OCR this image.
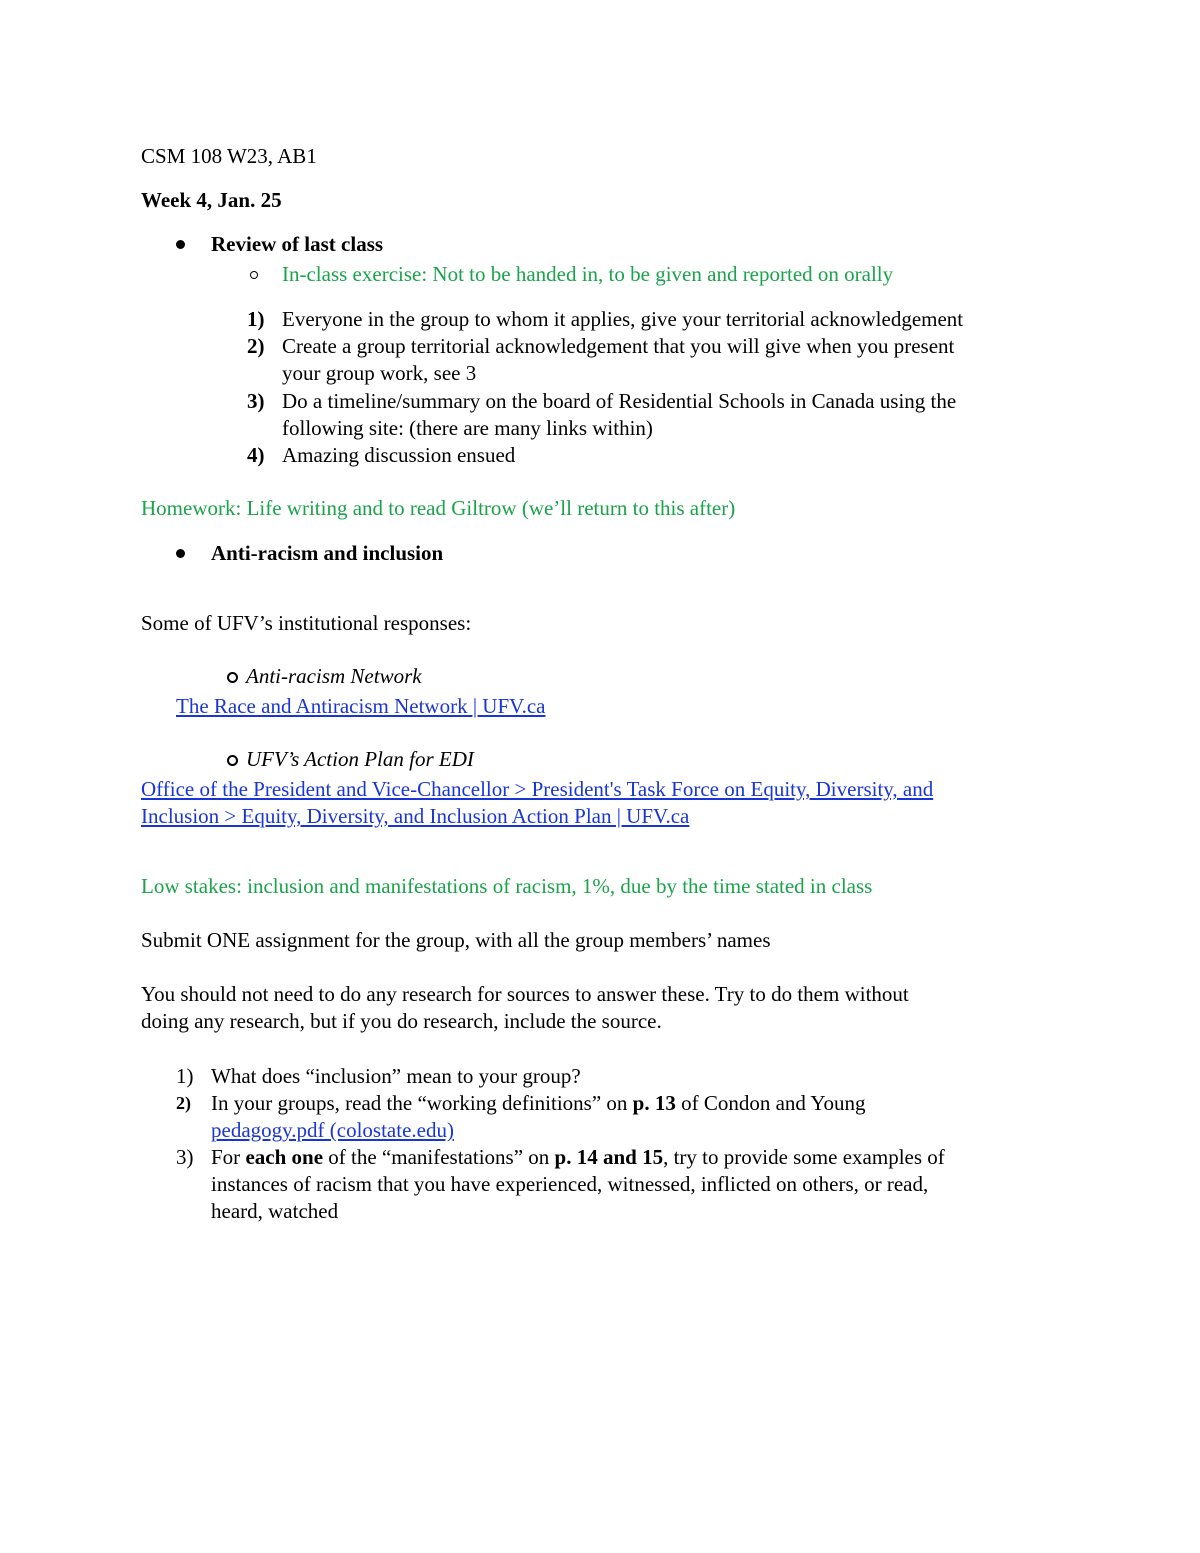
CSM 108 W23, AB1
Week 4, Jan. 25
Review of last class
In-class exercise: Not to be handed in, to be given and reported on orally
1) Everyone in the group to whom it applies, give your territorial acknowledgement
2) Create a group territorial acknowledgement that you will give when you present
your group work, see 3
3) Do a timeline/summary on the board of Residential Schools in Canada using the
following site: (there are many links within)
4) Amazing discussion ensued
Homework: Life writing and to read Giltrow (we’ll return to this after)
Anti-racism and inclusion
Some of UFV’s institutional responses:
Anti-racism Network
The Race and Antiracism Network | UFV.ca
UFV’s Action Plan for EDI
Office of the President and Vice-Chancellor > President's Task Force on Equity, Diversity, and
Inclusion > Equity, Diversity, and Inclusion Action Plan | UFV.ca
Low stakes: inclusion and manifestations of racism, 1%, due by the time stated in class
Submit ONE assignment for the group, with all the group members’ names
You should not need to do any research for sources to answer these. Try to do them without
doing any research, but if you do research, include the source.
1) What does “inclusion” mean to your group?
2) In your groups, read the “working definitions” on p. 13 of Condon and Young
pedagogy.pdf (colostate.edu)
3) For each one of the “manifestations” on p. 14 and 15, try to provide some examples of
instances of racism that you have experienced, witnessed, inflicted on others, or read,
heard, watched
